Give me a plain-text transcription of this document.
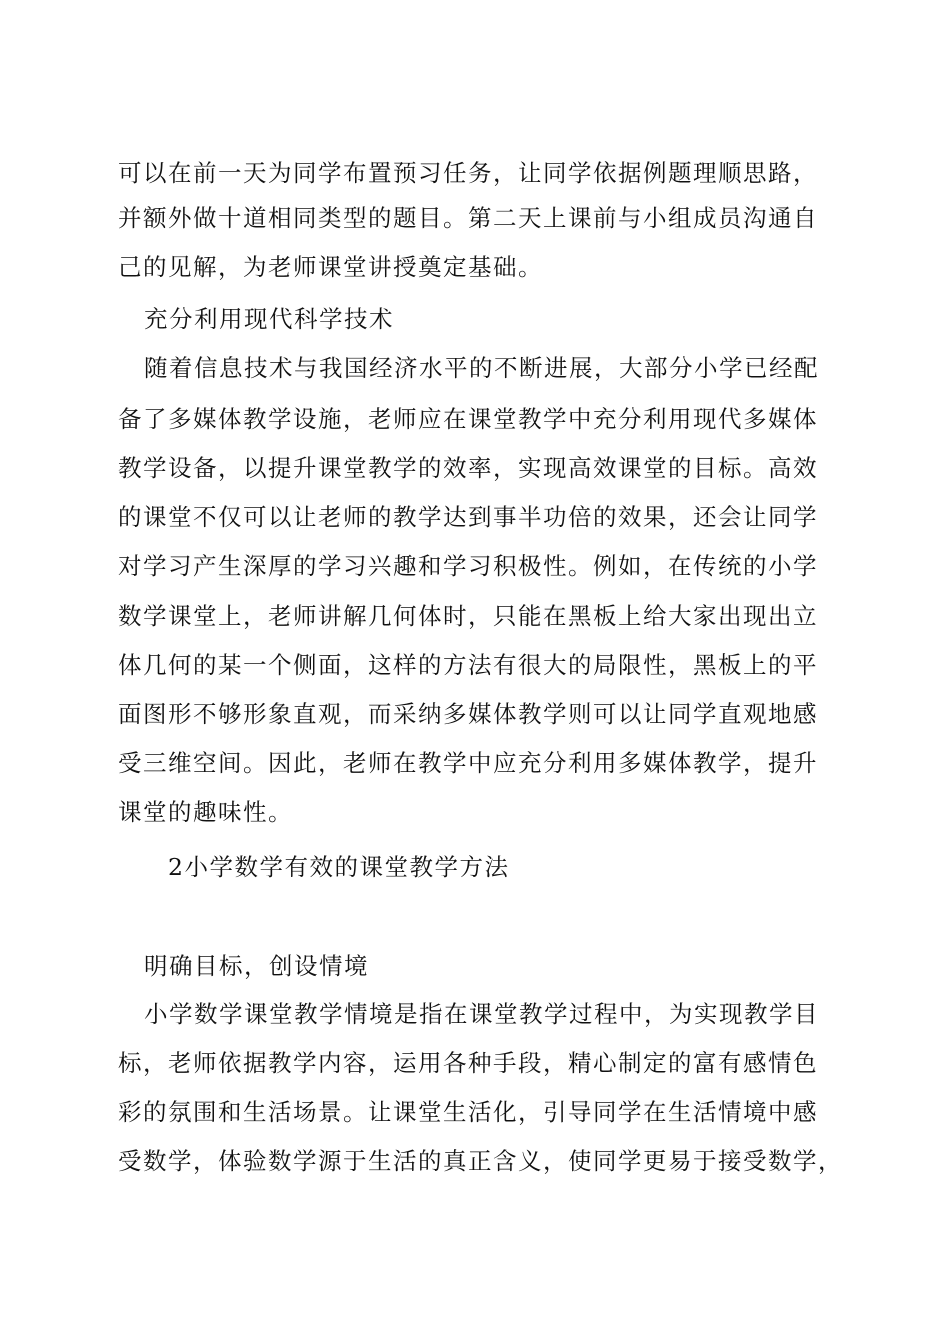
可以在前一天为同学布置预习任务，让同学依据例题理顺思路，
并额外做十道相同类型的题目。第二天上课前与小组成员沟通自
己的见解，为老师课堂讲授奠定基础。
充分利用现代科学技术
随着信息技术与我国经济水平的不断进展，大部分小学已经配
备了多媒体教学设施，老师应在课堂教学中充分利用现代多媒体
教学设备，以提升课堂教学的效率，实现高效课堂的目标。高效
的课堂不仅可以让老师的教学达到事半功倍的效果，还会让同学
对学习产生深厚的学习兴趣和学习积极性。例如，在传统的小学
数学课堂上，老师讲解几何体时，只能在黑板上给大家出现出立
体几何的某一个侧面，这样的方法有很大的局限性，黑板上的平
面图形不够形象直观，而采纳多媒体教学则可以让同学直观地感
受三维空间。因此，老师在教学中应充分利用多媒体教学，提升
课堂的趣味性。
2小学数学有效的课堂教学方法
明确目标，创设情境
小学数学课堂教学情境是指在课堂教学过程中，为实现教学目
标，老师依据教学内容，运用各种手段，精心制定的富有感情色
彩的氛围和生活场景。让课堂生活化，引导同学在生活情境中感
受数学，体验数学源于生活的真正含义，使同学更易于接受数学，
